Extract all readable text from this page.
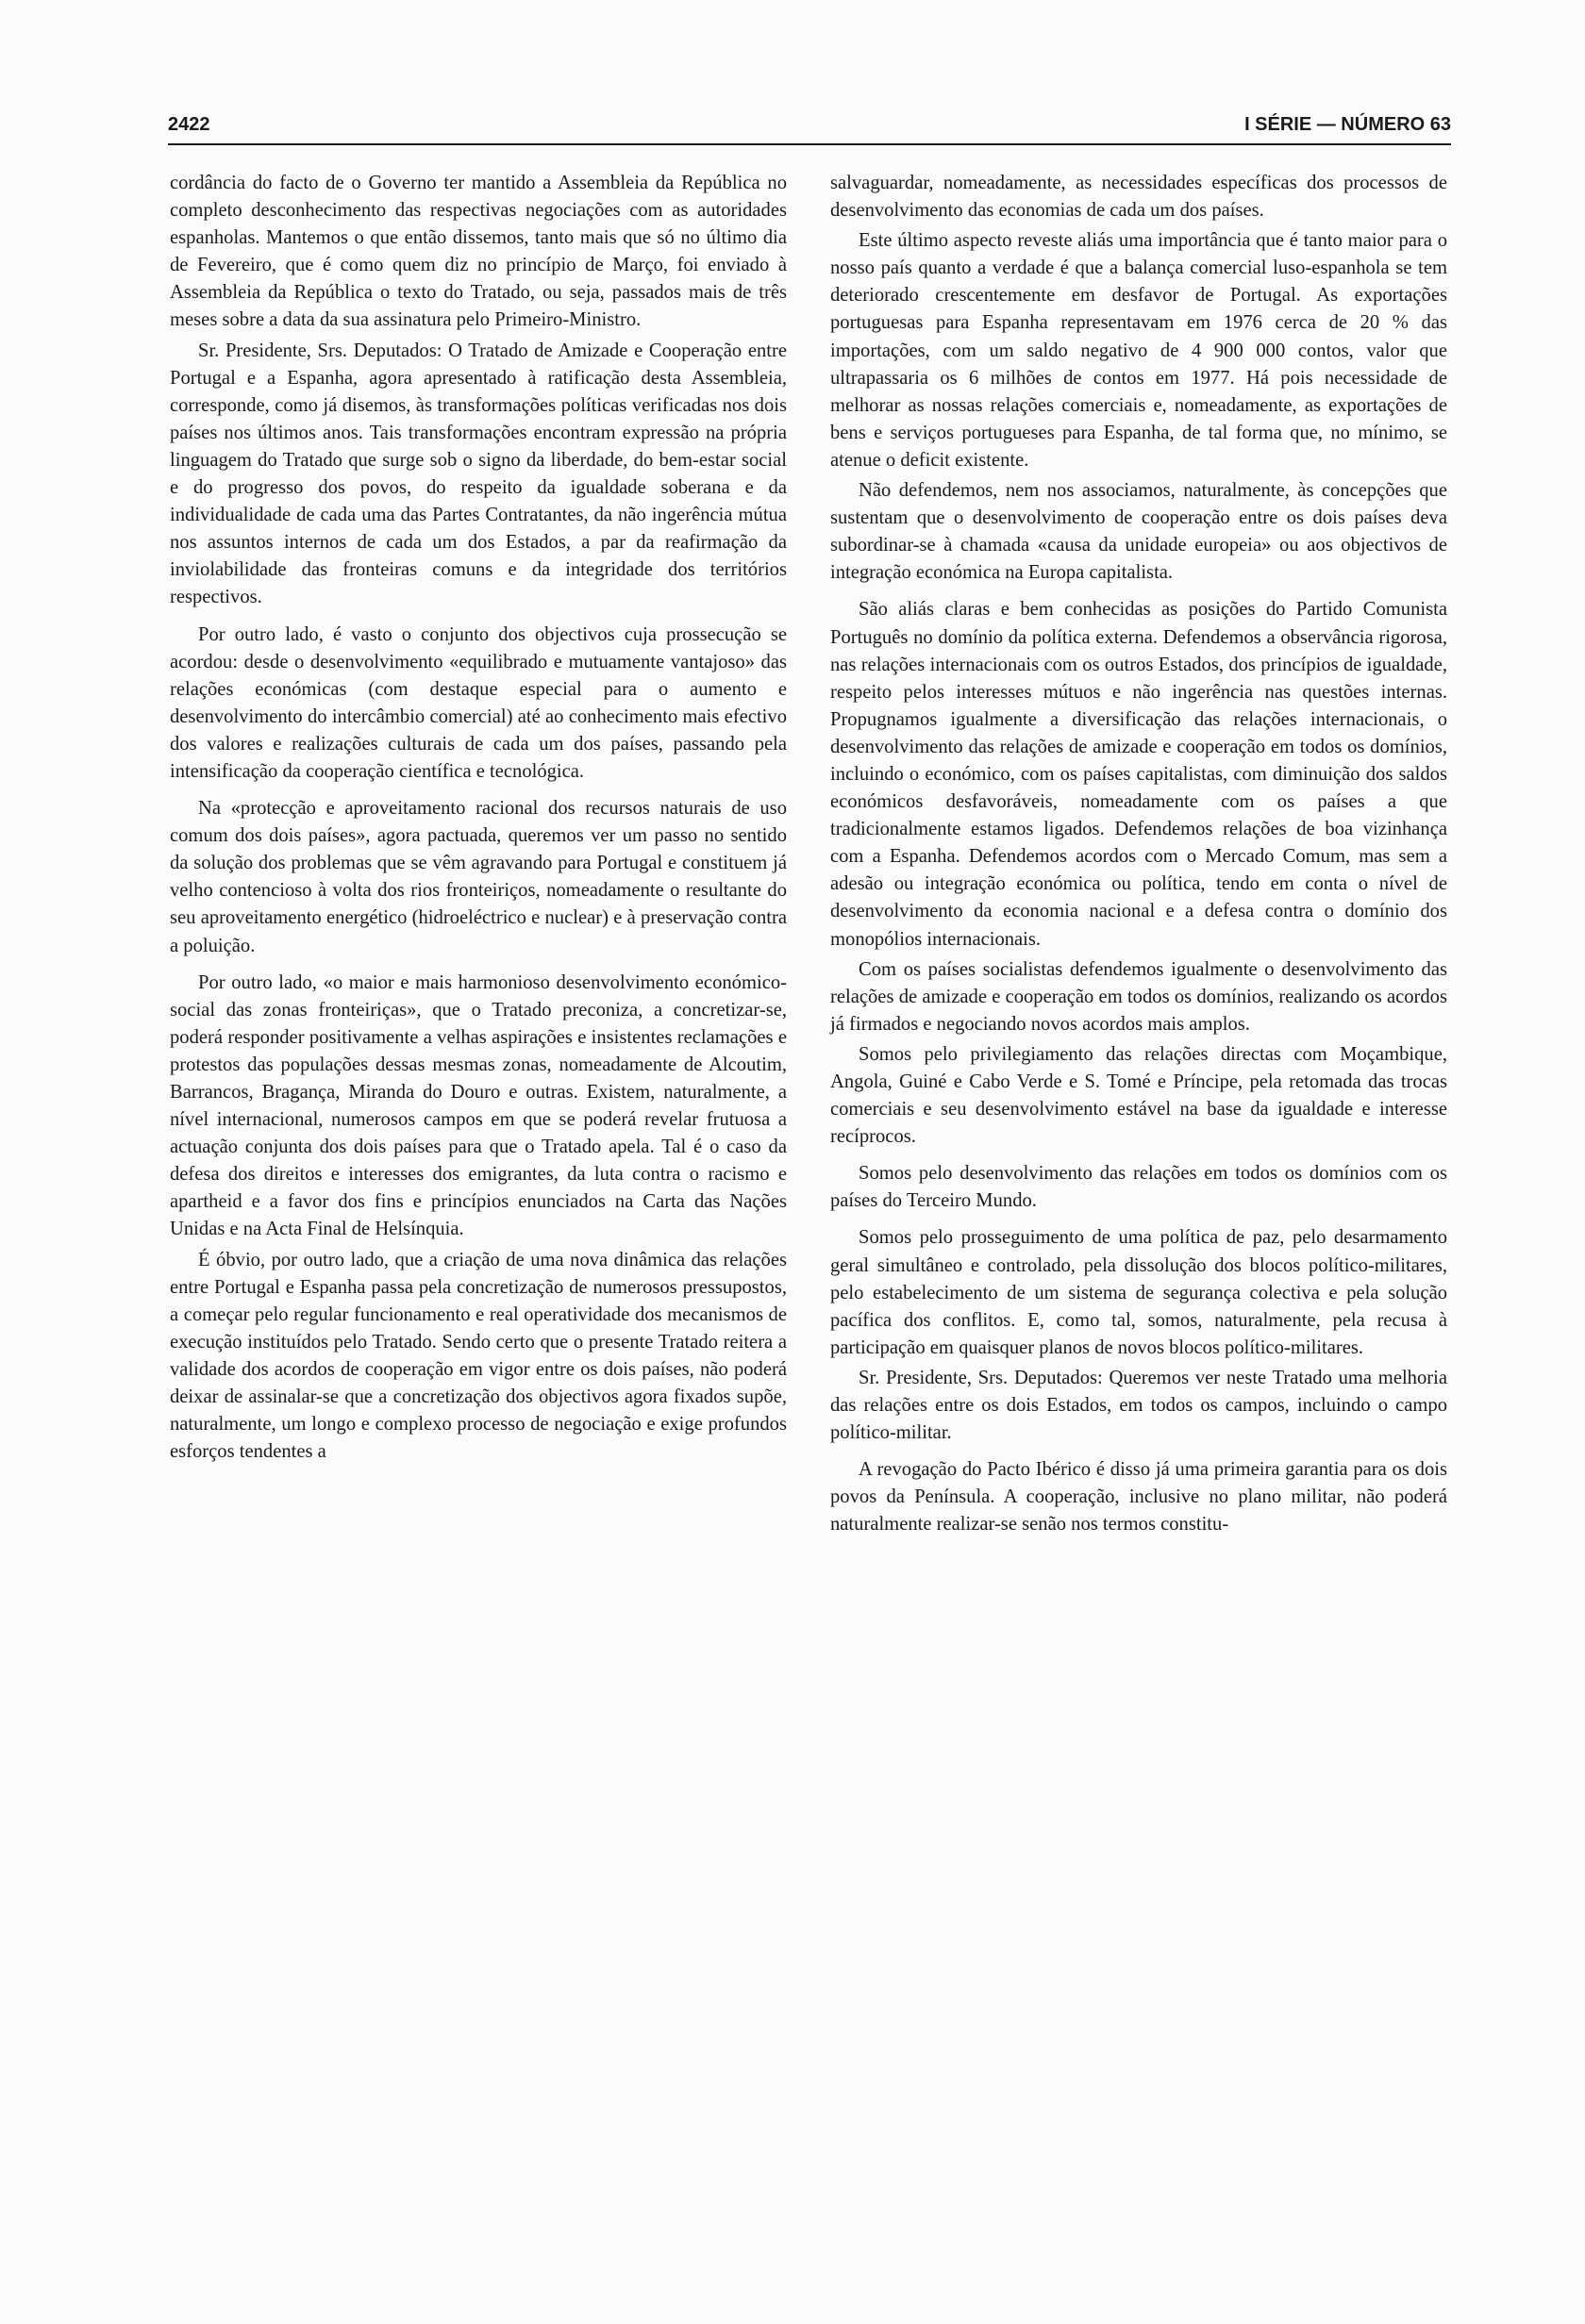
2422	I SÉRIE — NÚMERO 63

cordância do facto de o Governo ter mantido a Assembleia da República no completo desconhecimento das respectivas negociações com as autoridades espanholas. Mantemos o que então dissemos, tanto mais que só no último dia de Fevereiro, que é como quem diz no princípio de Março, foi enviado à Assembleia da República o texto do Tratado, ou seja, passados mais de três meses sobre a data da sua assinatura pelo Primeiro-Ministro.

Sr. Presidente, Srs. Deputados: O Tratado de Amizade e Cooperação entre Portugal e a Espanha, agora apresentado à ratificação desta Assembleia, corresponde, como já disemos, às transformações políticas verificadas nos dois países nos últimos anos. Tais transformações encontram expressão na própria linguagem do Tratado que surge sob o signo da liberdade, do bem-estar social e do progresso dos povos, do respeito da igualdade soberana e da individualidade de cada uma das Partes Contratantes, da não ingerência mútua nos assuntos internos de cada um dos Estados, a par da reafirmação da inviolabilidade das fronteiras comuns e da integridade dos territórios respectivos.

Por outro lado, é vasto o conjunto dos objectivos cuja prossecução se acordou: desde o desenvolvimento «equilibrado e mutuamente vantajoso» das relações económicas (com destaque especial para o aumento e desenvolvimento do intercâmbio comercial) até ao conhecimento mais efectivo dos valores e realizações culturais de cada um dos países, passando pela intensificação da cooperação científica e tecnológica.

Na «protecção e aproveitamento racional dos recursos naturais de uso comum dos dois países», agora pactuada, queremos ver um passo no sentido da solução dos problemas que se vêm agravando para Portugal e constituem já velho contencioso à volta dos rios fronteiriços, nomeadamente o resultante do seu aproveitamento energético (hidroeléctrico e nuclear) e à preservação contra a poluição.

Por outro lado, «o maior e mais harmonioso desenvolvimento económico-social das zonas fronteiriças», que o Tratado preconiza, a concretizar-se, poderá responder positivamente a velhas aspirações e insistentes reclamações e protestos das populações dessas mesmas zonas, nomeadamente de Alcoutim, Barrancos, Bragança, Miranda do Douro e outras. Existem, naturalmente, a nível internacional, numerosos campos em que se poderá revelar frutuosa a actuação conjunta dos dois países para que o Tratado apela. Tal é o caso da defesa dos direitos e interesses dos emigrantes, da luta contra o racismo e apartheid e a favor dos fins e princípios enunciados na Carta das Nações Unidas e na Acta Final de Helsínquia.

É óbvio, por outro lado, que a criação de uma nova dinâmica das relações entre Portugal e Espanha passa pela concretização de numerosos pressupostos, a começar pelo regular funcionamento e real operatividade dos mecanismos de execução instituídos pelo Tratado. Sendo certo que o presente Tratado reitera a validade dos acordos de cooperação em vigor entre os dois países, não poderá deixar de assinalar-se que a concretização dos objectivos agora fixados supõe, naturalmente, um longo e complexo processo de negociação e exige profundos esforços tendentes a

salvaguardar, nomeadamente, as necessidades específicas dos processos de desenvolvimento das economias de cada um dos países.

Este último aspecto reveste aliás uma importância que é tanto maior para o nosso país quanto a verdade é que a balança comercial luso-espanhola se tem deteriorado crescentemente em desfavor de Portugal. As exportações portuguesas para Espanha representavam em 1976 cerca de 20 % das importações, com um saldo negativo de 4 900 000 contos, valor que ultrapassaria os 6 milhões de contos em 1977. Há pois necessidade de melhorar as nossas relações comerciais e, nomeadamente, as exportações de bens e serviços portugueses para Espanha, de tal forma que, no mínimo, se atenue o deficit existente.

Não defendemos, nem nos associamos, naturalmente, às concepções que sustentam que o desenvolvimento de cooperação entre os dois países deva subordinar-se à chamada «causa da unidade europeia» ou aos objectivos de integração económica na Europa capitalista.

São aliás claras e bem conhecidas as posições do Partido Comunista Português no domínio da política externa. Defendemos a observância rigorosa, nas relações internacionais com os outros Estados, dos princípios de igualdade, respeito pelos interesses mútuos e não ingerência nas questões internas. Propugnamos igualmente a diversificação das relações internacionais, o desenvolvimento das relações de amizade e cooperação em todos os domínios, incluindo o económico, com os países capitalistas, com diminuição dos saldos económicos desfavoráveis, nomeadamente com os países a que tradicionalmente estamos ligados. Defendemos relações de boa vizinhança com a Espanha. Defendemos acordos com o Mercado Comum, mas sem a adesão ou integração económica ou política, tendo em conta o nível de desenvolvimento da economia nacional e a defesa contra o domínio dos monopólios internacionais.

Com os países socialistas defendemos igualmente o desenvolvimento das relações de amizade e cooperação em todos os domínios, realizando os acordos já firmados e negociando novos acordos mais amplos.

Somos pelo privilegiamento das relações directas com Moçambique, Angola, Guiné e Cabo Verde e S. Tomé e Príncipe, pela retomada das trocas comerciais e seu desenvolvimento estável na base da igualdade e interesse recíprocos.

Somos pelo desenvolvimento das relações em todos os domínios com os países do Terceiro Mundo.

Somos pelo prosseguimento de uma política de paz, pelo desarmamento geral simultâneo e controlado, pela dissolução dos blocos político-militares, pelo estabelecimento de um sistema de segurança colectiva e pela solução pacífica dos conflitos. E, como tal, somos, naturalmente, pela recusa à participação em quaisquer planos de novos blocos político-militares.

Sr. Presidente, Srs. Deputados: Queremos ver neste Tratado uma melhoria das relações entre os dois Estados, em todos os campos, incluindo o campo político-militar.

A revogação do Pacto Ibérico é disso já uma primeira garantia para os dois povos da Península. A cooperação, inclusive no plano militar, não poderá naturalmente realizar-se senão nos termos constitu-
